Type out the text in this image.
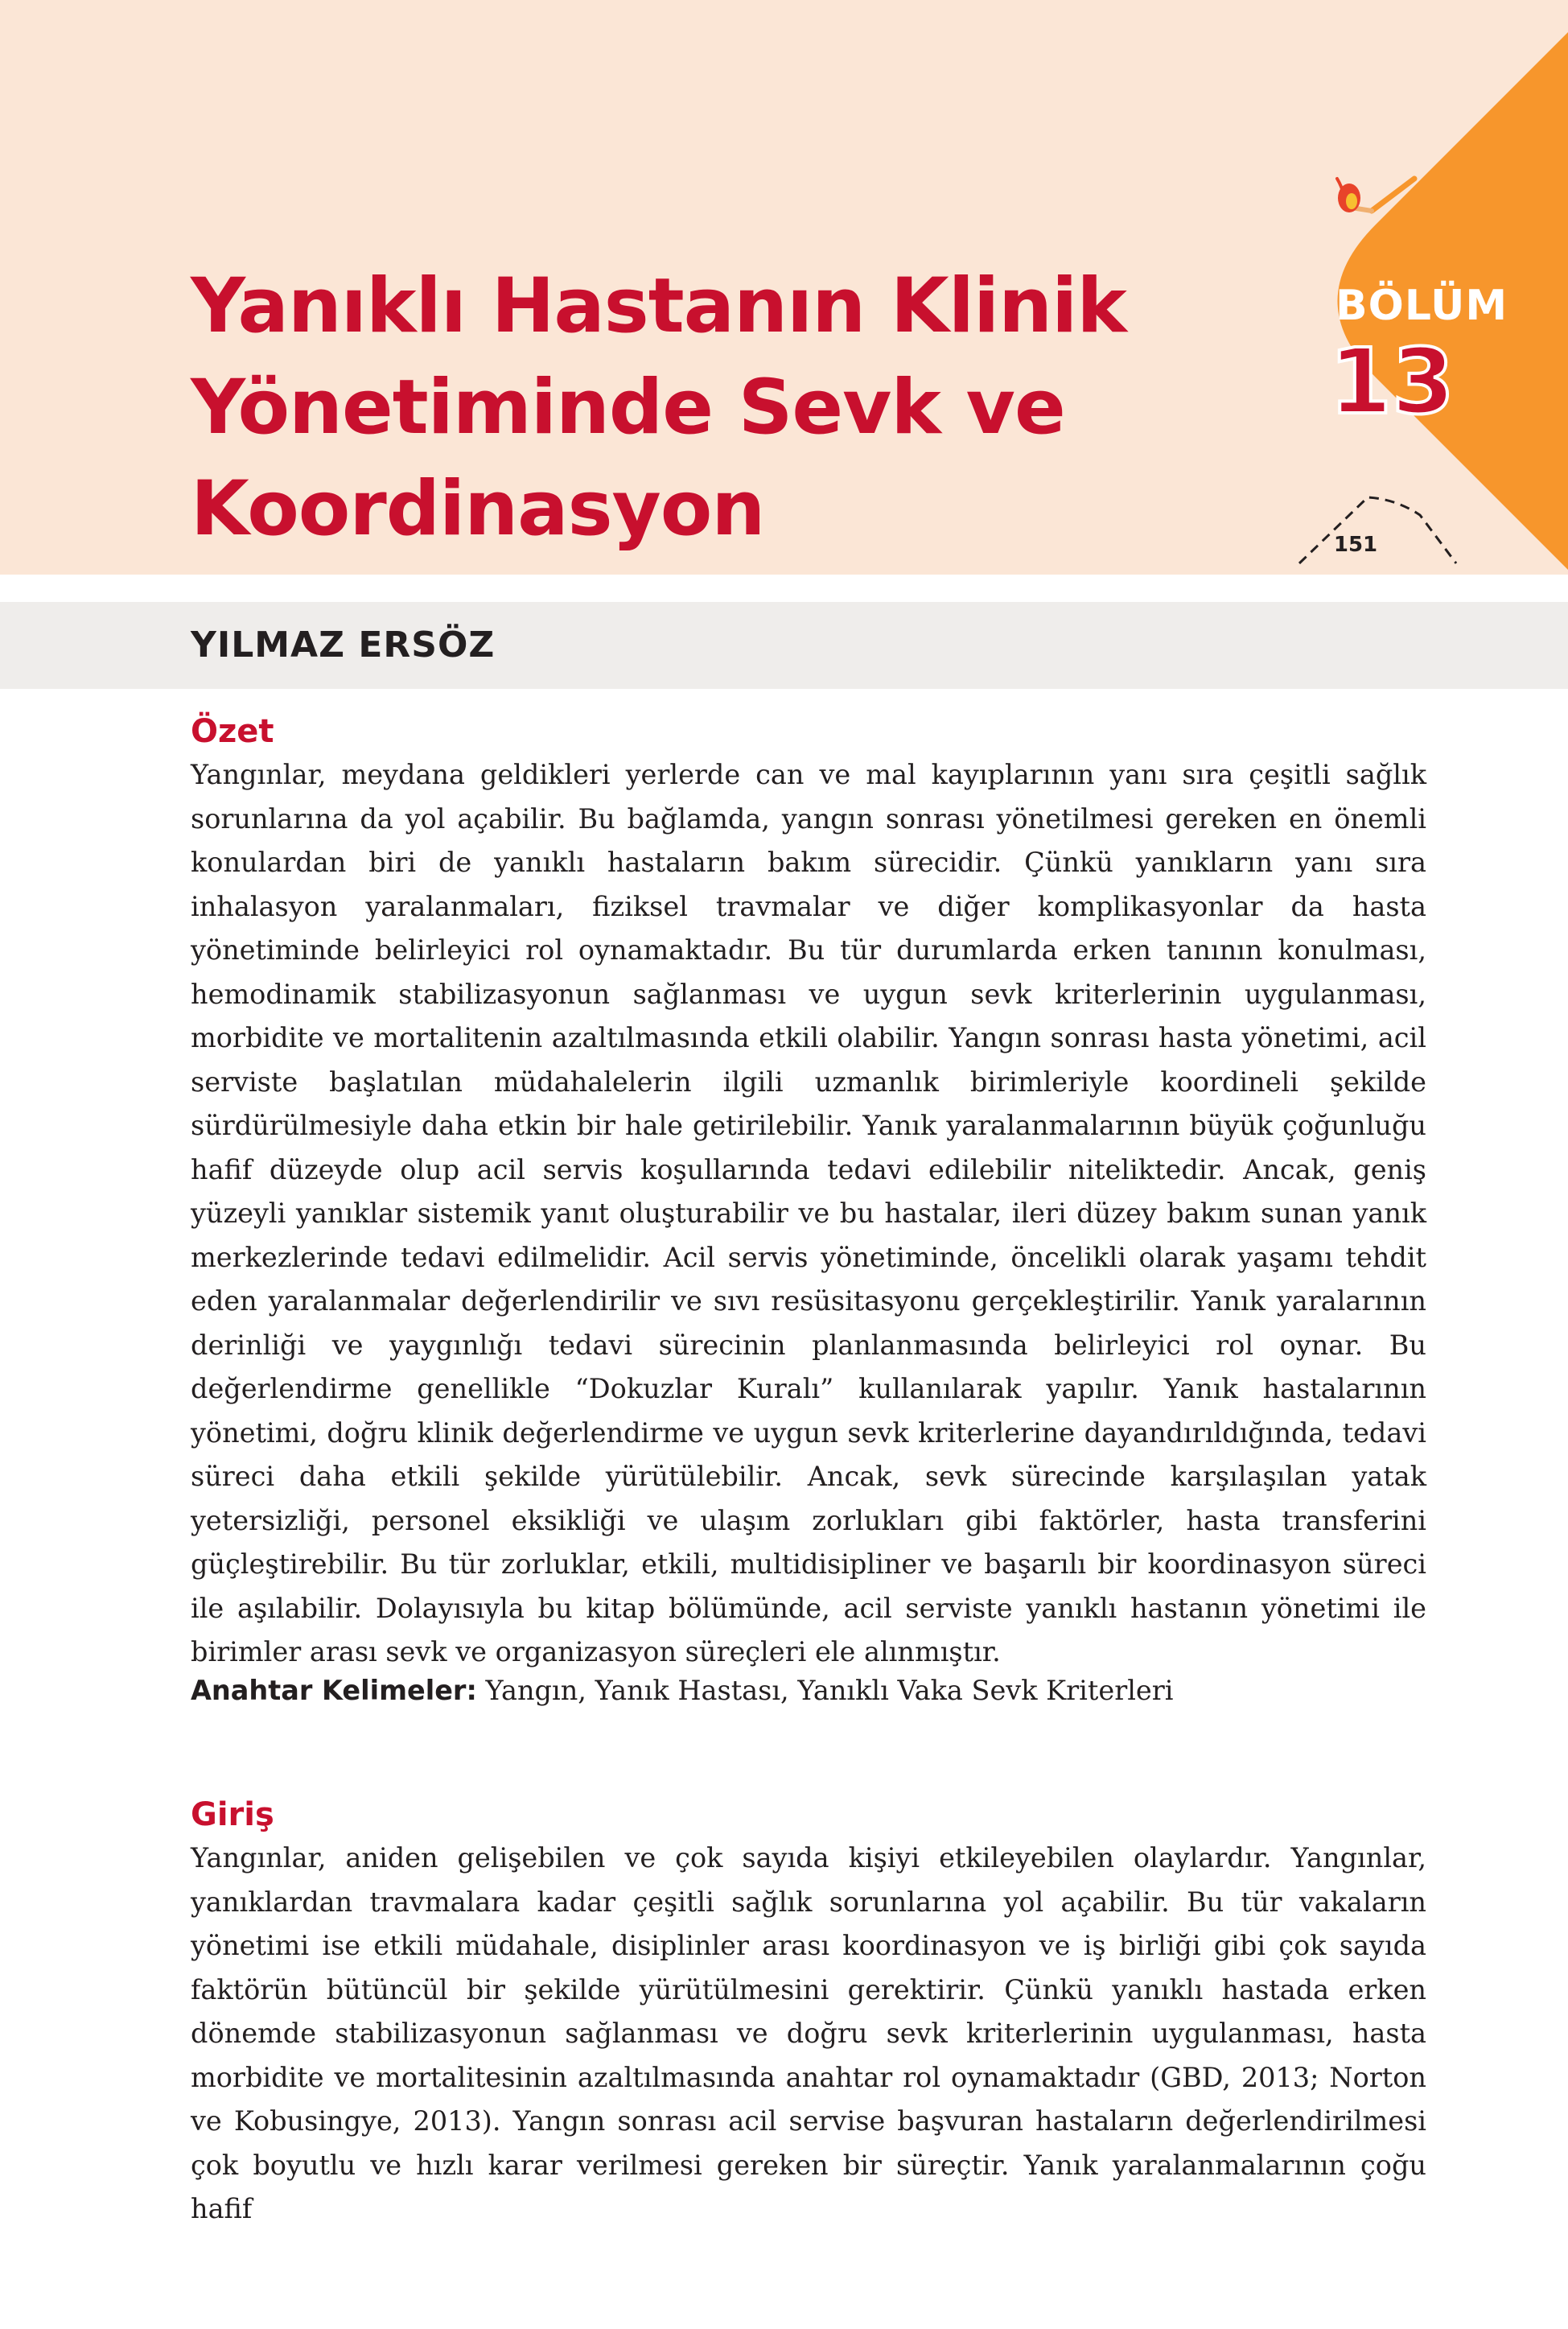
Yanıklı Hastanın Klinik Yönetiminde Sevk ve Koordinasyon
BÖLÜM
13
151
YILMAZ ERSÖZ
Özet

Yangınlar, meydana geldikleri yerlerde can ve mal kayıplarının yanı sıra çeşitli sağlık sorunlarına da yol açabilir. Bu bağlamda, yangın sonrası yönetilmesi gereken en önemli konulardan biri de yanıklı hastaların bakım sürecidir. Çünkü yanıkların yanı sıra inhalasyon yaralanmaları, fiziksel travmalar ve diğer komplikasyonlar da hasta yönetiminde belirleyici rol oynamaktadır. Bu tür durumlarda erken tanının konulması, hemodinamik stabilizasyonun sağlanması ve uygun sevk kriterlerinin uygulanması, morbidite ve mortalitenin azaltılmasında etkili olabilir. Yangın sonrası hasta yönetimi, acil serviste başlatılan müdahalelerin ilgili uzmanlık birimleriyle koordineli şekilde sürdürülmesiyle daha etkin bir hale getirilebilir. Yanık yaralanmalarının büyük çoğunluğu hafif düzeyde olup acil servis koşullarında tedavi edilebilir niteliktedir. Ancak, geniş yüzeyli yanıklar sistemik yanıt oluşturabilir ve bu hastalar, ileri düzey bakım sunan yanık merkezlerinde tedavi edilmelidir. Acil servis yönetiminde, öncelikli olarak yaşamı tehdit eden yaralanmalar değerlendirilir ve sıvı resüsitasyonu gerçekleştirilir. Yanık yaralarının derinliği ve yaygınlığı tedavi sürecinin planlanmasında belirleyici rol oynar. Bu değerlendirme genellikle “Dokuzlar Kuralı” kullanılarak yapılır. Yanık hastalarının yönetimi, doğru klinik değerlendirme ve uygun sevk kriterlerine dayandırıldığında, tedavi süreci daha etkili şekilde yürütülebilir. Ancak, sevk sürecinde karşılaşılan yatak yetersizliği, personel eksikliği ve ulaşım zorlukları gibi faktörler, hasta transferini güçleştirebilir. Bu tür zorluklar, etkili, multidisipliner ve başarılı bir koordinasyon süreci ile aşılabilir. Dolayısıyla bu kitap bölümünde, acil serviste yanıklı hastanın yönetimi ile birimler arası sevk ve organizasyon süreçleri ele alınmıştır.

Anahtar Kelimeler: Yangın, Yanık Hastası, Yanıklı Vaka Sevk Kriterleri

Giriş

Yangınlar, aniden gelişebilen ve çok sayıda kişiyi etkileyebilen olaylardır. Yangınlar, yanıklardan travmalara kadar çeşitli sağlık sorunlarına yol açabilir. Bu tür vakaların yönetimi ise etkili müdahale, disiplinler arası koordinasyon ve iş birliği gibi çok sayıda faktörün bütüncül bir şekilde yürütülmesini gerektirir. Çünkü yanıklı hastada erken dönemde stabilizasyonun sağlanması ve doğru sevk kriterlerinin uygulanması, hasta morbidite ve mortalitesinin azaltılmasında anahtar rol oynamaktadır (GBD, 2013; Norton ve Kobusingye, 2013). Yangın sonrası acil servise başvuran hastaların değerlendirilmesi çok boyutlu ve hızlı karar verilmesi gereken bir süreçtir. Yanık yaralanmalarının çoğu hafif
